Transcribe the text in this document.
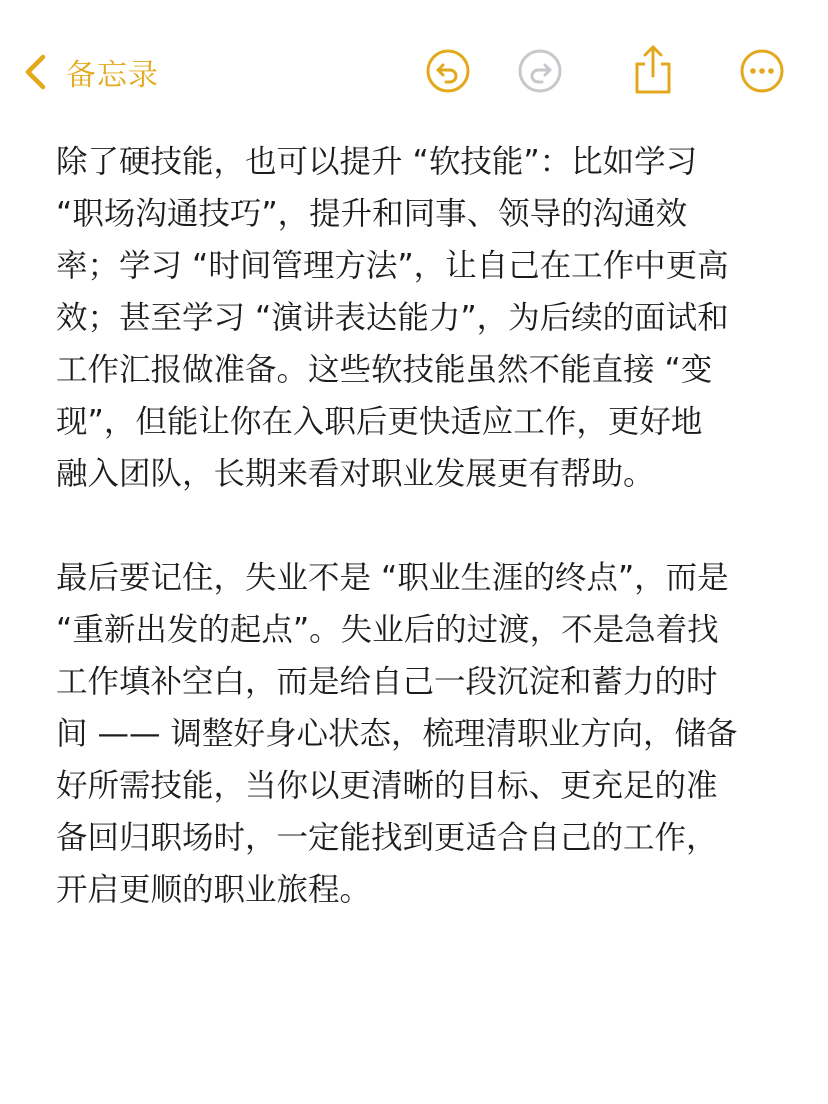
备忘录

除了硬技能，也可以提升 “软技能”：比如学习
“职场沟通技巧”，提升和同事、领导的沟通效
率；学习 “时间管理方法”，让自己在工作中更高
效；甚至学习 “演讲表达能力”，为后续的面试和
工作汇报做准备。这些软技能虽然不能直接 “变
现”，但能让你在入职后更快适应工作，更好地
融入团队，长期来看对职业发展更有帮助。

最后要记住，失业不是 “职业生涯的终点”，而是
“重新出发的起点”。失业后的过渡，不是急着找
工作填补空白，而是给自己一段沉淀和蓄力的时
间 —— 调整好身心状态，梳理清职业方向，储备
好所需技能，当你以更清晰的目标、更充足的准
备回归职场时，一定能找到更适合自己的工作，
开启更顺的职业旅程。
